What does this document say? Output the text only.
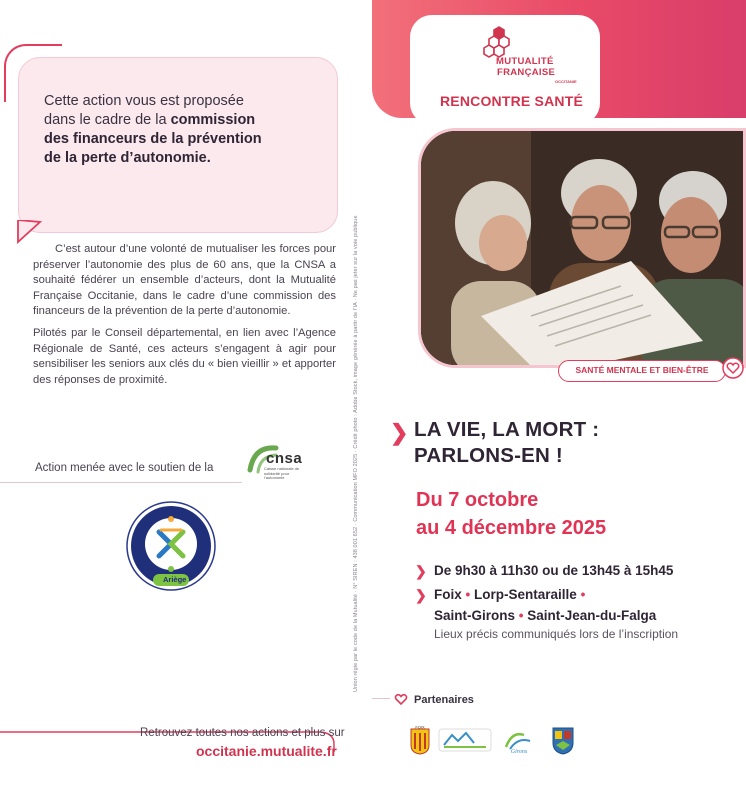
Cette action vous est proposée
dans le cadre de la commission
des financeurs de la prévention
de la perte d’autonomie.

C’est autour d’une volonté de mutualiser les forces pour préserver l’autonomie des plus de 60 ans, que la CNSA a souhaité fédérer un ensemble d’acteurs, dont la Mutualité Française Occitanie, dans le cadre d’une commission des financeurs de la prévention de la perte d’autonomie.

Pilotés par le Conseil départemental, en lien avec l’Agence Régionale de Santé, ces acteurs s’engagent à agir pour sensibiliser les seniors aux clés du « bien vieillir » et apporter des réponses de proximité.

Action menée avec le soutien de la
cnsa
Caisse nationale de solidarité pour l’autonomie
Ariège	Union régie par le code de la Mutualité · N° SIREN : 438 001 652 · Communication MFO 2025 · Crédit photo : Adobe Stock, image générée à partir de l’IA · Ne pas jeter sur la voie publique
Retrouvez toutes nos actions et plus sur
occitanie.mutualite.fr
MUTUALITÉ
FRANÇAISE
OCCITANIE
RENCONTRE SANTÉ
SANTÉ MENTALE ET BIEN-ÊTRE
❯ LA VIE, LA MORT :
PARLONS-EN !
Du 7 octobre
au 4 décembre 2025
❯ De 9h30 à 11h30 ou de 13h45 à 15h45
❯ Foix • Lorp-Sentaraille •
Saint-Girons • Saint-Jean-du-Falga
Lieux précis communiqués lors de l’inscription
Partenaires
FOIX
Girons
